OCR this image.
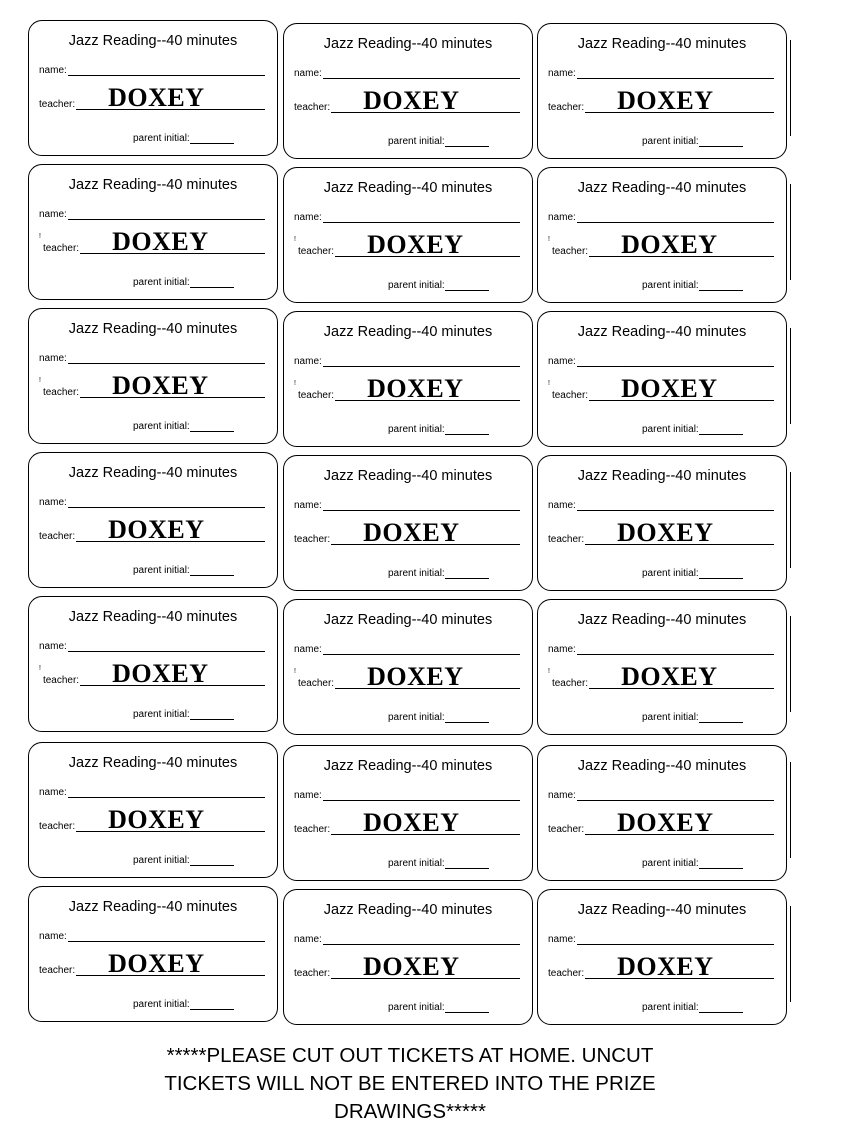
Jazz Reading--40 minutes
name:
teacher: DOXEY
parent initial:
Jazz Reading--40 minutes
name:
teacher: DOXEY
parent initial:
Jazz Reading--40 minutes
name:
teacher: DOXEY
parent initial:
Jazz Reading--40 minutes
name:
!
teacher: DOXEY
parent initial:
Jazz Reading--40 minutes
name:
!
teacher: DOXEY
parent initial:
Jazz Reading--40 minutes
name:
!
teacher: DOXEY
parent initial:
Jazz Reading--40 minutes
name:
!
teacher: DOXEY
parent initial:
Jazz Reading--40 minutes
name:
!
teacher: DOXEY
parent initial:
Jazz Reading--40 minutes
name:
!
teacher: DOXEY
parent initial:
Jazz Reading--40 minutes
name:
teacher: DOXEY
parent initial:
Jazz Reading--40 minutes
name:
teacher: DOXEY
parent initial:
Jazz Reading--40 minutes
name:
teacher: DOXEY
parent initial:
Jazz Reading--40 minutes
name:
!
teacher: DOXEY
parent initial:
Jazz Reading--40 minutes
name:
!
teacher: DOXEY
parent initial:
Jazz Reading--40 minutes
name:
!
teacher: DOXEY
parent initial:
Jazz Reading--40 minutes
name:
teacher: DOXEY
parent initial:
Jazz Reading--40 minutes
name:
teacher: DOXEY
parent initial:
Jazz Reading--40 minutes
name:
teacher: DOXEY
parent initial:
Jazz Reading--40 minutes
name:
teacher: DOXEY
parent initial:
Jazz Reading--40 minutes
name:
teacher: DOXEY
parent initial:
Jazz Reading--40 minutes
name:
teacher: DOXEY
parent initial:
*****PLEASE CUT OUT TICKETS AT HOME. UNCUT
TICKETS WILL NOT BE ENTERED INTO THE PRIZE
DRAWINGS*****
